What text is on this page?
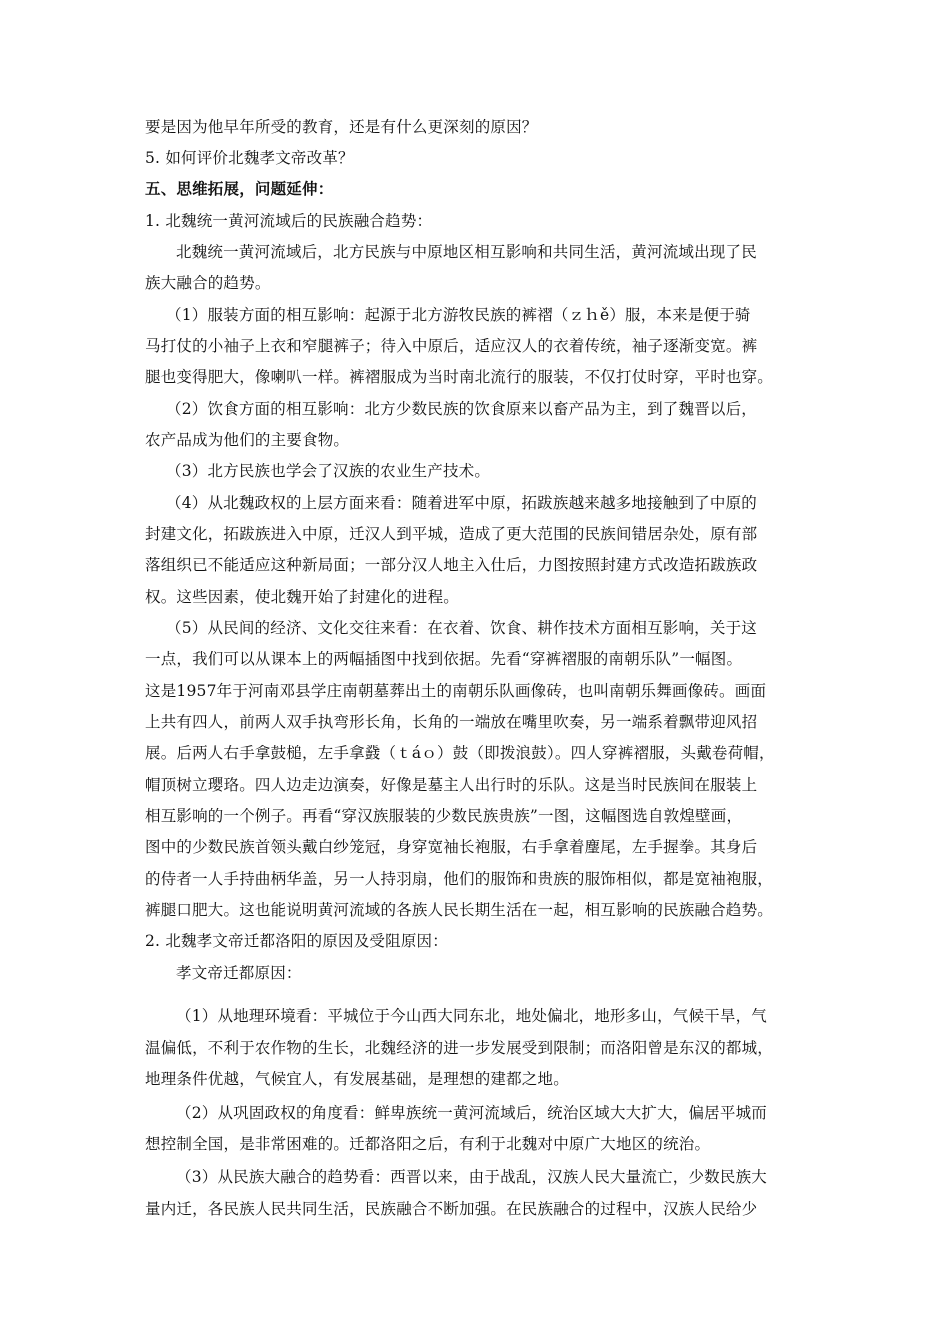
要是因为他早年所受的教育，还是有什么更深刻的原因？
5. 如何评价北魏孝文帝改革？
五、思维拓展，问题延伸：
1. 北魏统一黄河流域后的民族融合趋势：
北魏统一黄河流域后，北方民族与中原地区相互影响和共同生活，黄河流域出现了民
族大融合的趋势。
（1）服装方面的相互影响：起源于北方游牧民族的裤褶（ｚｈě）服，本来是便于骑
马打仗的小袖子上衣和窄腿裤子；待入中原后，适应汉人的衣着传统，袖子逐渐变宽。裤
腿也变得肥大，像喇叭一样。裤褶服成为当时南北流行的服装，不仅打仗时穿，平时也穿。
（2）饮食方面的相互影响：北方少数民族的饮食原来以畜产品为主，到了魏晋以后，
农产品成为他们的主要食物。
（3）北方民族也学会了汉族的农业生产技术。
（4）从北魏政权的上层方面来看：随着进军中原，拓跋族越来越多地接触到了中原的
封建文化，拓跋族进入中原，迁汉人到平城，造成了更大范围的民族间错居杂处，原有部
落组织已不能适应这种新局面；一部分汉人地主入仕后，力图按照封建方式改造拓跋族政
权。这些因素，使北魏开始了封建化的进程。
（5）从民间的经济、文化交往来看：在衣着、饮食、耕作技术方面相互影响，关于这
一点，我们可以从课本上的两幅插图中找到依据。先看“穿裤褶服的南朝乐队”一幅图。
这是1957年于河南邓县学庄南朝墓葬出土的南朝乐队画像砖，也叫南朝乐舞画像砖。画面
上共有四人，前两人双手执弯形长角，长角的一端放在嘴里吹奏，另一端系着飘带迎风招
展。后两人右手拿鼓槌，左手拿鼗（ｔáｏ）鼓（即拨浪鼓）。四人穿裤褶服，头戴卷荷帽，
帽顶树立璎珞。四人边走边演奏，好像是墓主人出行时的乐队。这是当时民族间在服装上
相互影响的一个例子。再看“穿汉族服装的少数民族贵族”一图，这幅图选自敦煌壁画，
图中的少数民族首领头戴白纱笼冠，身穿宽袖长袍服，右手拿着麈尾，左手握拳。其身后
的侍者一人手持曲柄华盖，另一人持羽扇，他们的服饰和贵族的服饰相似，都是宽袖袍服，
裤腿口肥大。这也能说明黄河流域的各族人民长期生活在一起，相互影响的民族融合趋势。
2. 北魏孝文帝迁都洛阳的原因及受阻原因：
孝文帝迁都原因：
（1）从地理环境看：平城位于今山西大同东北，地处偏北，地形多山，气候干旱，气
温偏低，不利于农作物的生长，北魏经济的进一步发展受到限制；而洛阳曾是东汉的都城，
地理条件优越，气候宜人，有发展基础，是理想的建都之地。
（2）从巩固政权的角度看：鲜卑族统一黄河流域后，统治区域大大扩大，偏居平城而
想控制全国，是非常困难的。迁都洛阳之后，有利于北魏对中原广大地区的统治。
（3）从民族大融合的趋势看：西晋以来，由于战乱，汉族人民大量流亡，少数民族大
量内迁，各民族人民共同生活，民族融合不断加强。在民族融合的过程中，汉族人民给少
